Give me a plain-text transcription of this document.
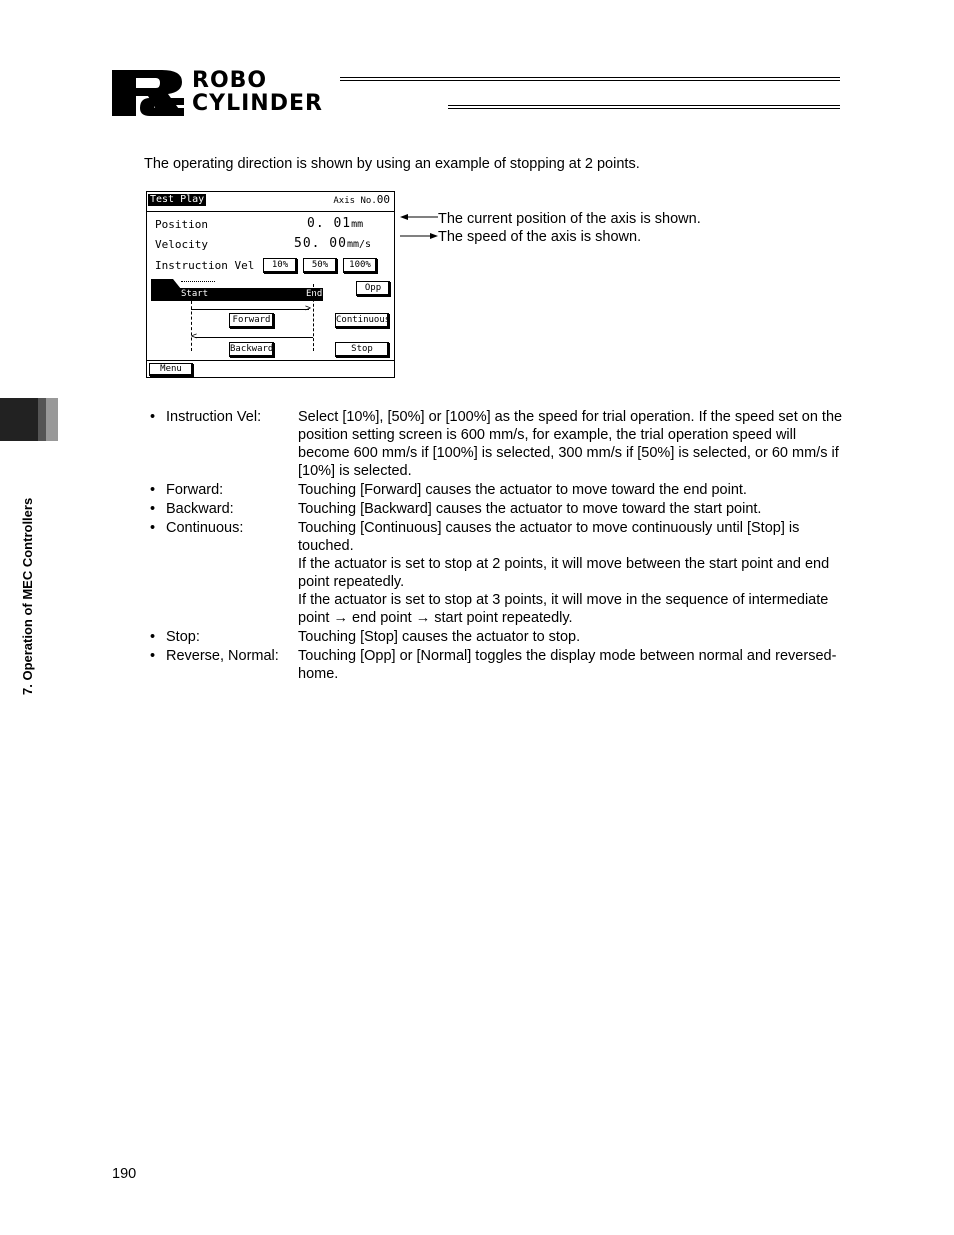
ROBO
CYLINDER
7. Operation of MEC Controllers
The operating direction is shown by using an example of stopping at 2 points.
Test Play	Axis No.00
Position	0. 01mm
Velocity	50. 00mm/s
Instruction Vel	10%	50%	100%
Opp
Start	End
>
<
Forward	Continuous
Backward	Stop
Menu
The current position of the axis is shown.
The speed of the axis is shown.
• Instruction Vel:	Select [10%], [50%] or [100%] as the speed for trial operation. If the speed set on the position setting screen is 600 mm/s, for example, the trial operation speed will become 600 mm/s if [100%] is selected, 300 mm/s if [50%] is selected, or 60 mm/s if [10%] is selected.

• Forward:	Touching [Forward] causes the actuator to move toward the end point.

• Backward:	Touching [Backward] causes the actuator to move toward the start point.

• Continuous:	Touching [Continuous] causes the actuator to move continuously until [Stop] is touched.

If the actuator is set to stop at 2 points, it will move between the start point and end point repeatedly.

If the actuator is set to stop at 3 points, it will move in the sequence of intermediate point → end point → start point repeatedly.

• Stop:	Touching [Stop] causes the actuator to stop.

• Reverse, Normal:	Touching [Opp] or [Normal] toggles the display mode between normal and reversed-home.

190
